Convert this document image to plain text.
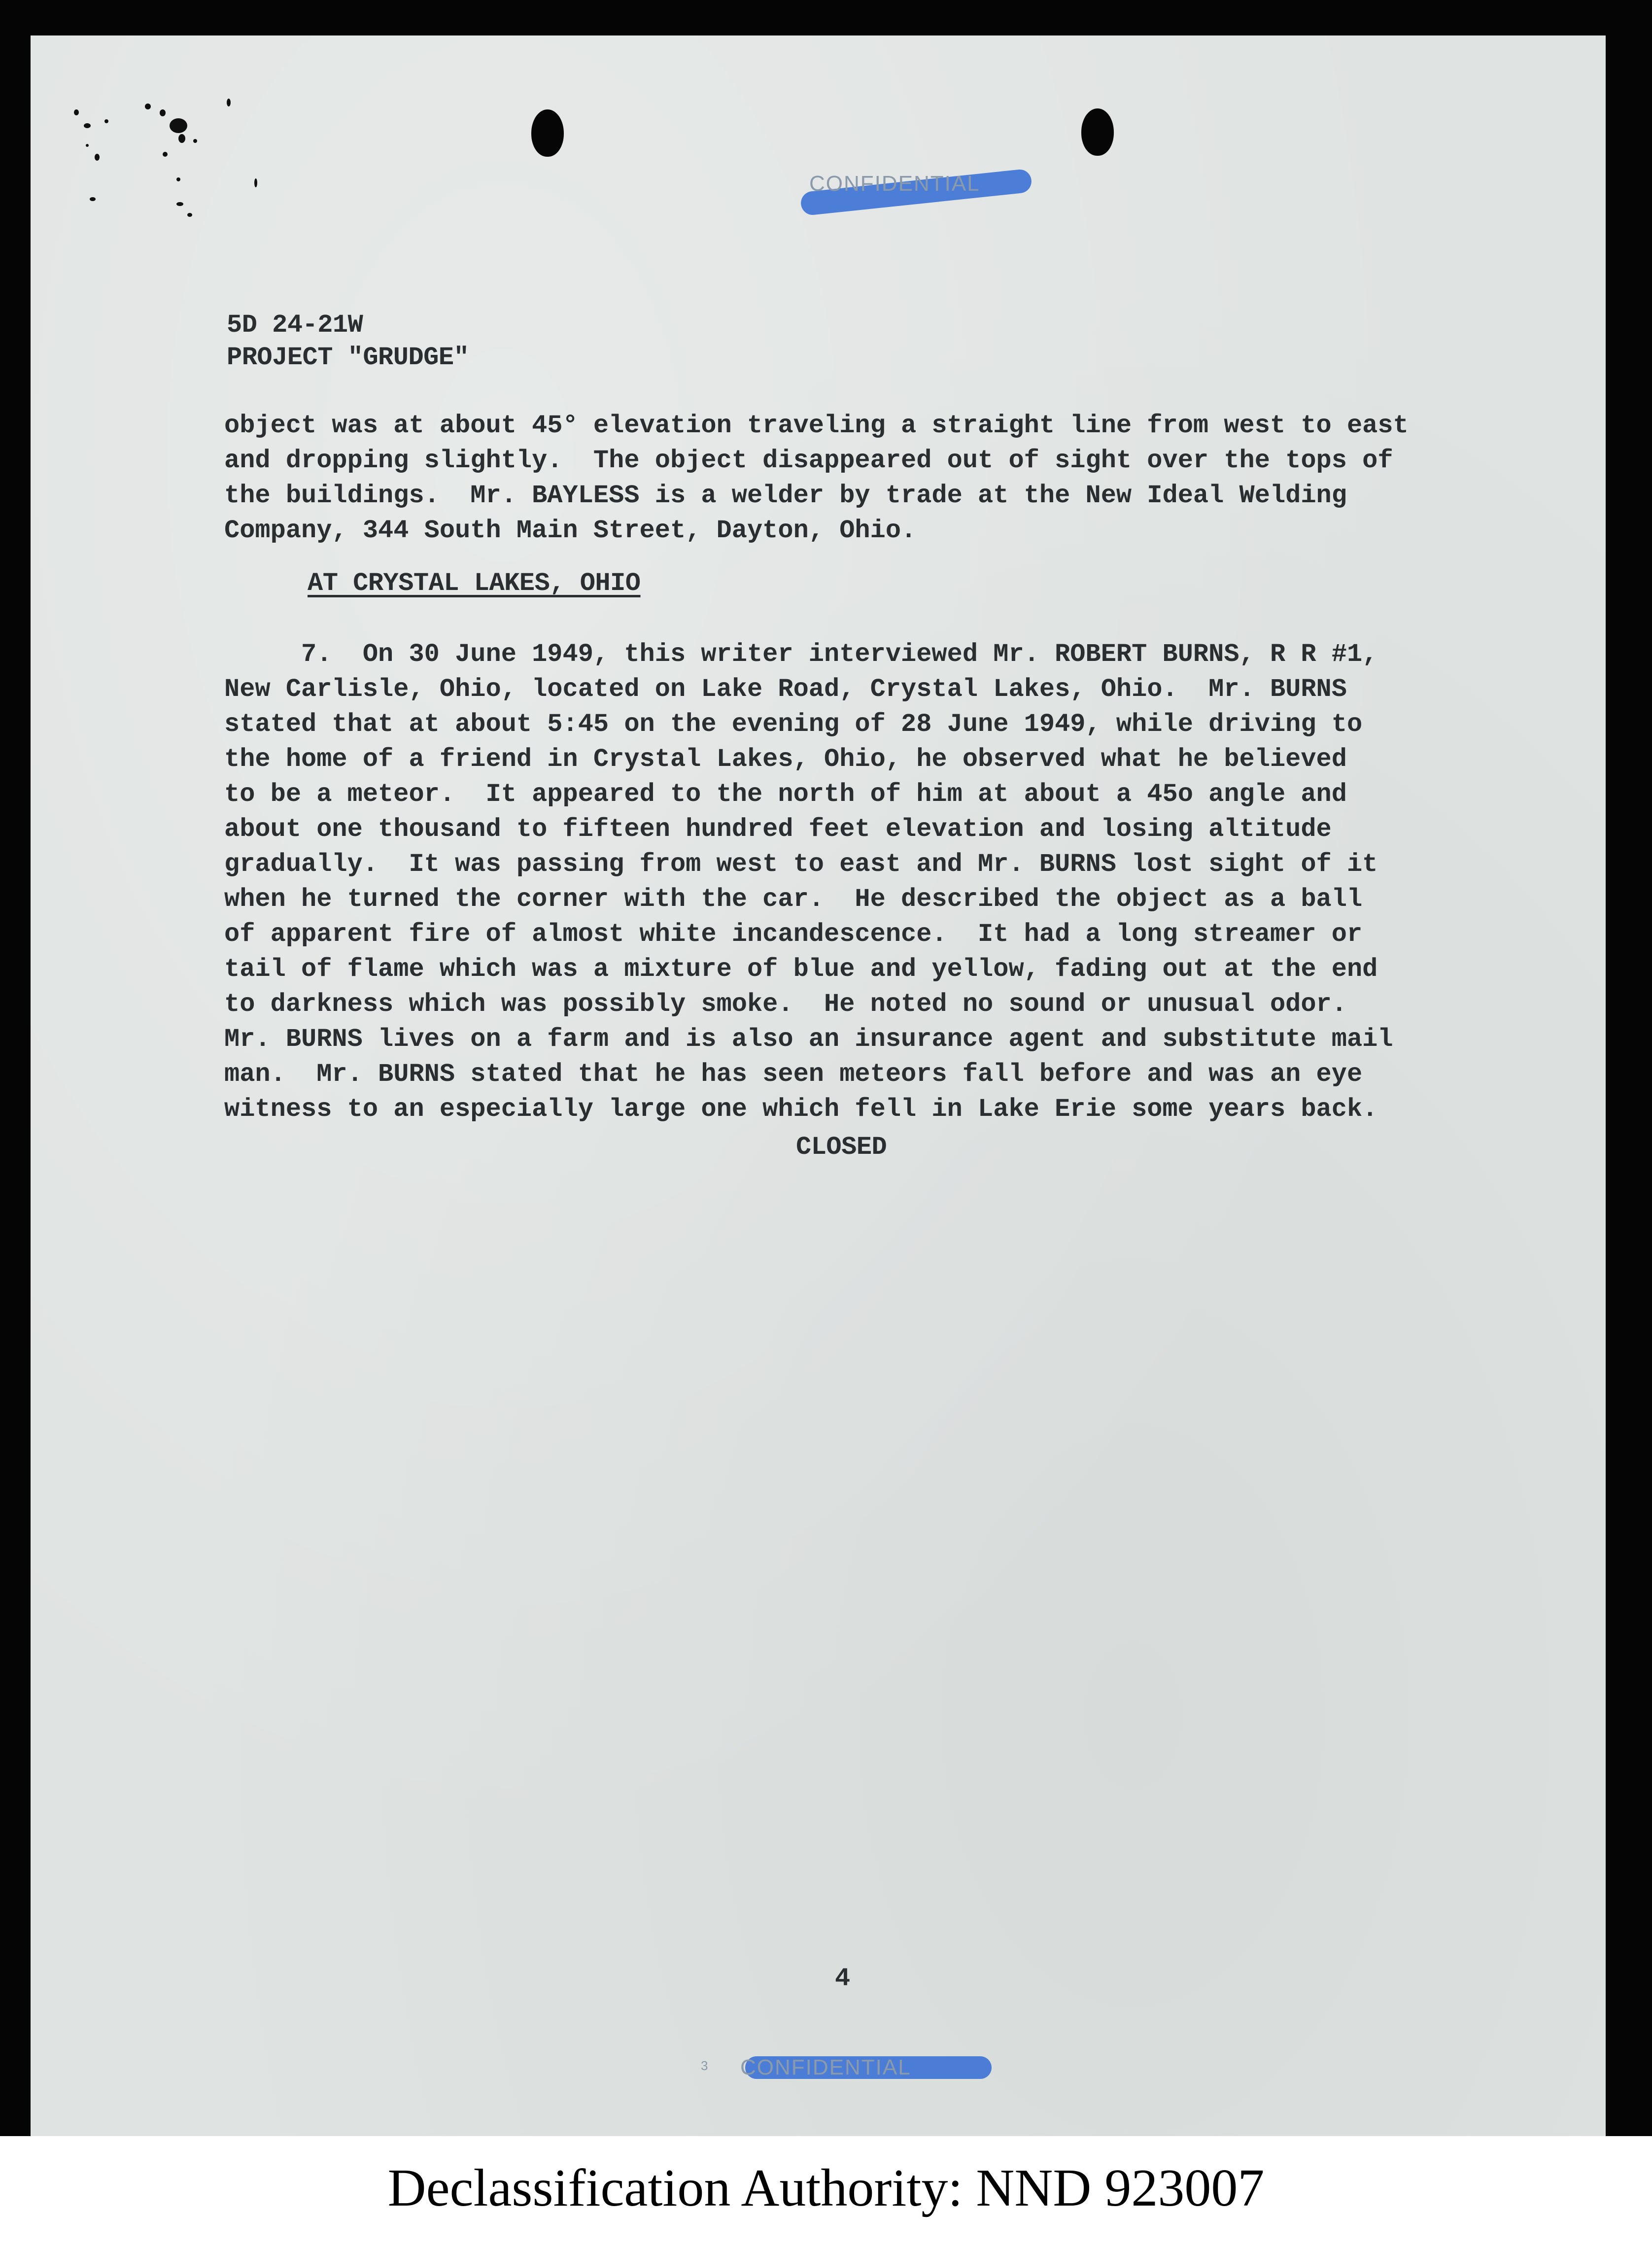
CONFIDENTIAL
5D 24-21W
PROJECT "GRUDGE"
object was at about 45° elevation traveling a straight line from west to east
and dropping slightly.  The object disappeared out of sight over the tops of
the buildings.  Mr. BAYLESS is a welder by trade at the New Ideal Welding
Company, 344 South Main Street, Dayton, Ohio.
AT CRYSTAL LAKES, OHIO
7.  On 30 June 1949, this writer interviewed Mr. ROBERT BURNS, R R #1,
New Carlisle, Ohio, located on Lake Road, Crystal Lakes, Ohio.  Mr. BURNS
stated that at about 5:45 on the evening of 28 June 1949, while driving to
the home of a friend in Crystal Lakes, Ohio, he observed what he believed
to be a meteor.  It appeared to the north of him at about a 45o angle and
about one thousand to fifteen hundred feet elevation and losing altitude
gradually.  It was passing from west to east and Mr. BURNS lost sight of it
when he turned the corner with the car.  He described the object as a ball
of apparent fire of almost white incandescence.  It had a long streamer or
tail of flame which was a mixture of blue and yellow, fading out at the end
to darkness which was possibly smoke.  He noted no sound or unusual odor.
Mr. BURNS lives on a farm and is also an insurance agent and substitute mail
man.  Mr. BURNS stated that he has seen meteors fall before and was an eye
witness to an especially large one which fell in Lake Erie some years back.
CLOSED
4
3 CONFIDENTIAL
Declassification Authority: NND 923007
